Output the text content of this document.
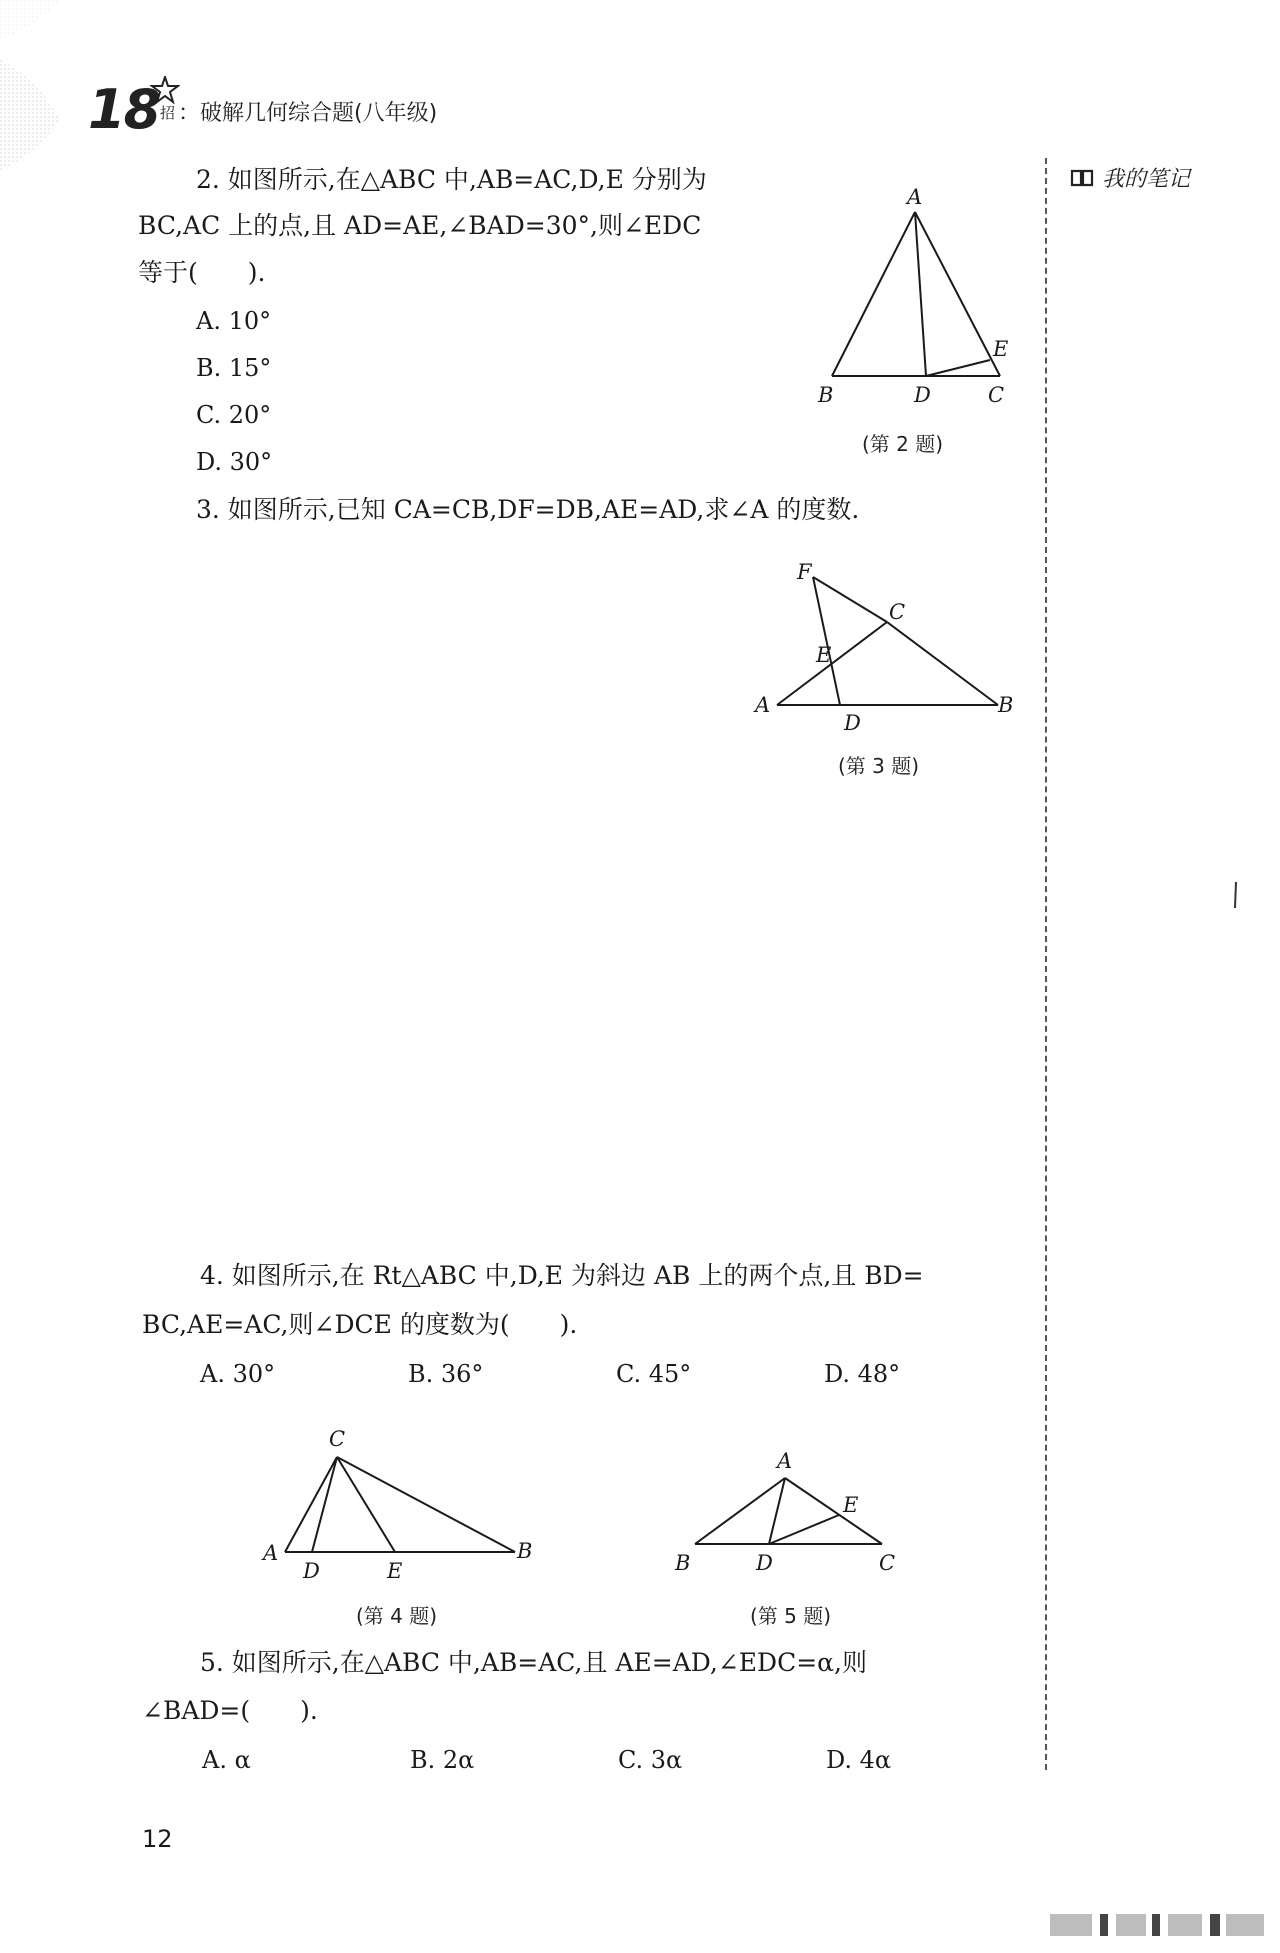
18 招 ：破解几何综合题(八年级)
我的笔记
2. 如图所示,在△ABC 中,AB=AC,D,E 分别为
BC,AC 上的点,且 AD=AE,∠BAD=30°,则∠EDC
等于(　　).
A. 10°
B. 15°
C. 20°
D. 30°
A
B	D	C
E
(第 2 题)
3. 如图所示,已知 CA=CB,DF=DB,AE=AD,求∠A 的度数.
F
C
E
A
D
B
(第 3 题)
4. 如图所示,在 Rt△ABC 中,D,E 为斜边 AB 上的两个点,且 BD=
BC,AE=AC,则∠DCE 的度数为(　　).
A. 30°	B. 36°	C. 45°	D. 48°
C
A
D	E
B
(第 4 题)
A
E
B	D	C
(第 5 题)
5. 如图所示,在△ABC 中,AB=AC,且 AE=AD,∠EDC=α,则
∠BAD=(　　).
A. α	B. 2α	C. 3α	D. 4α
12
